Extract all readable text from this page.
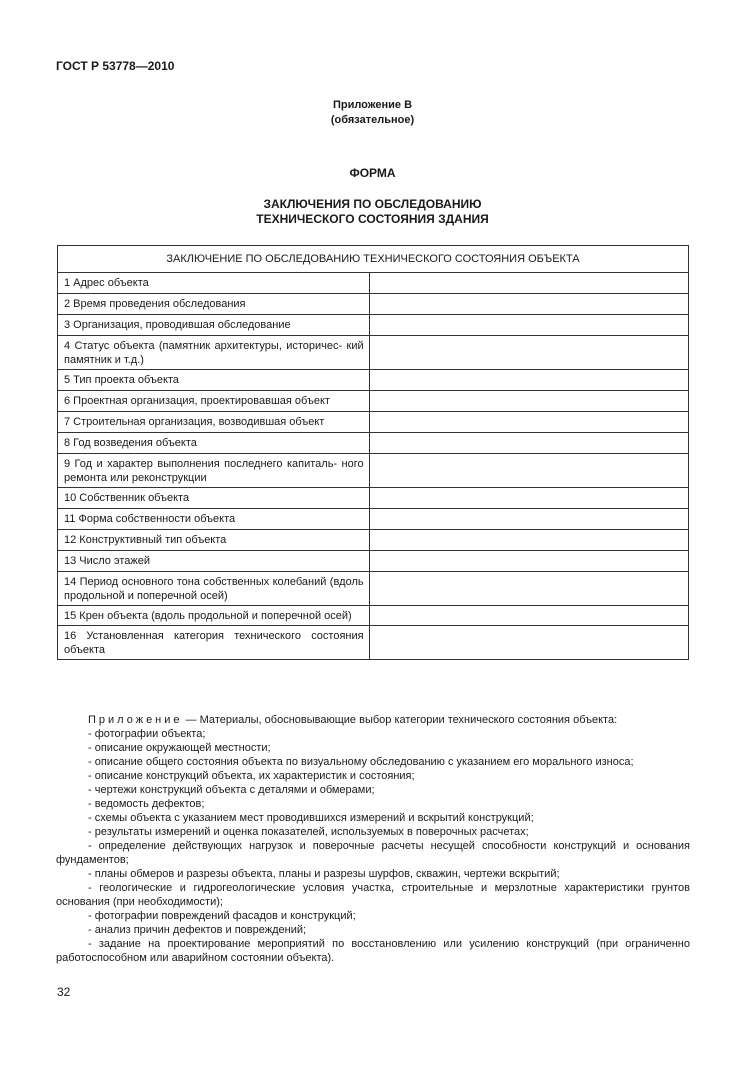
ГОСТ Р 53778—2010
Приложение В
(обязательное)
ФОРМА
ЗАКЛЮЧЕНИЯ ПО ОБСЛЕДОВАНИЮ
ТЕХНИЧЕСКОГО СОСТОЯНИЯ ЗДАНИЯ
ЗАКЛЮЧЕНИЕ ПО ОБСЛЕДОВАНИЮ ТЕХНИЧЕСКОГО СОСТОЯНИЯ ОБЪЕКТА	
1 Адрес объекта	
2 Время проведения обследования	
3 Организация, проводившая обследование	
4 Статус объекта (памятник архитектуры, историчес- кий памятник и т.д.)	
5 Тип проекта объекта	
6 Проектная организация, проектировавшая объект	
7 Строительная организация, возводившая объект	
8 Год возведения объекта	
9 Год и характер выполнения последнего капиталь- ного ремонта или реконструкции	
10 Собственник объекта	
11 Форма собственности объекта	
12 Конструктивный тип объекта	
13 Число этажей	
14 Период основного тона собственных колебаний (вдоль продольной и поперечной осей)	
15 Крен объекта (вдоль продольной и поперечной осей)	
16 Установленная категория технического состояния объекта	

Приложение — Материалы, обосновывающие выбор категории технического состояния объекта:

- фотографии объекта;

- описание окружающей местности;

- описание общего состояния объекта по визуальному обследованию с указанием его морального износа;

- описание конструкций объекта, их характеристик и состояния;

- чертежи конструкций объекта с деталями и обмерами;

- ведомость дефектов;

- схемы объекта с указанием мест проводившихся измерений и вскрытий конструкций;

- результаты измерений и оценка показателей, используемых в поверочных расчетах;

- определение действующих нагрузок и поверочные расчеты несущей способности конструкций и основания фундаментов;

- планы обмеров и разрезы объекта, планы и разрезы шурфов, скважин, чертежи вскрытий;

- геологические и гидрогеологические условия участка, строительные и мерзлотные характеристики грунтов основания (при необходимости);

- фотографии повреждений фасадов и конструкций;

- анализ причин дефектов и повреждений;

- задание на проектирование мероприятий по восстановлению или усилению конструкций (при ограниченно работоспособном или аварийном состоянии объекта).

32
